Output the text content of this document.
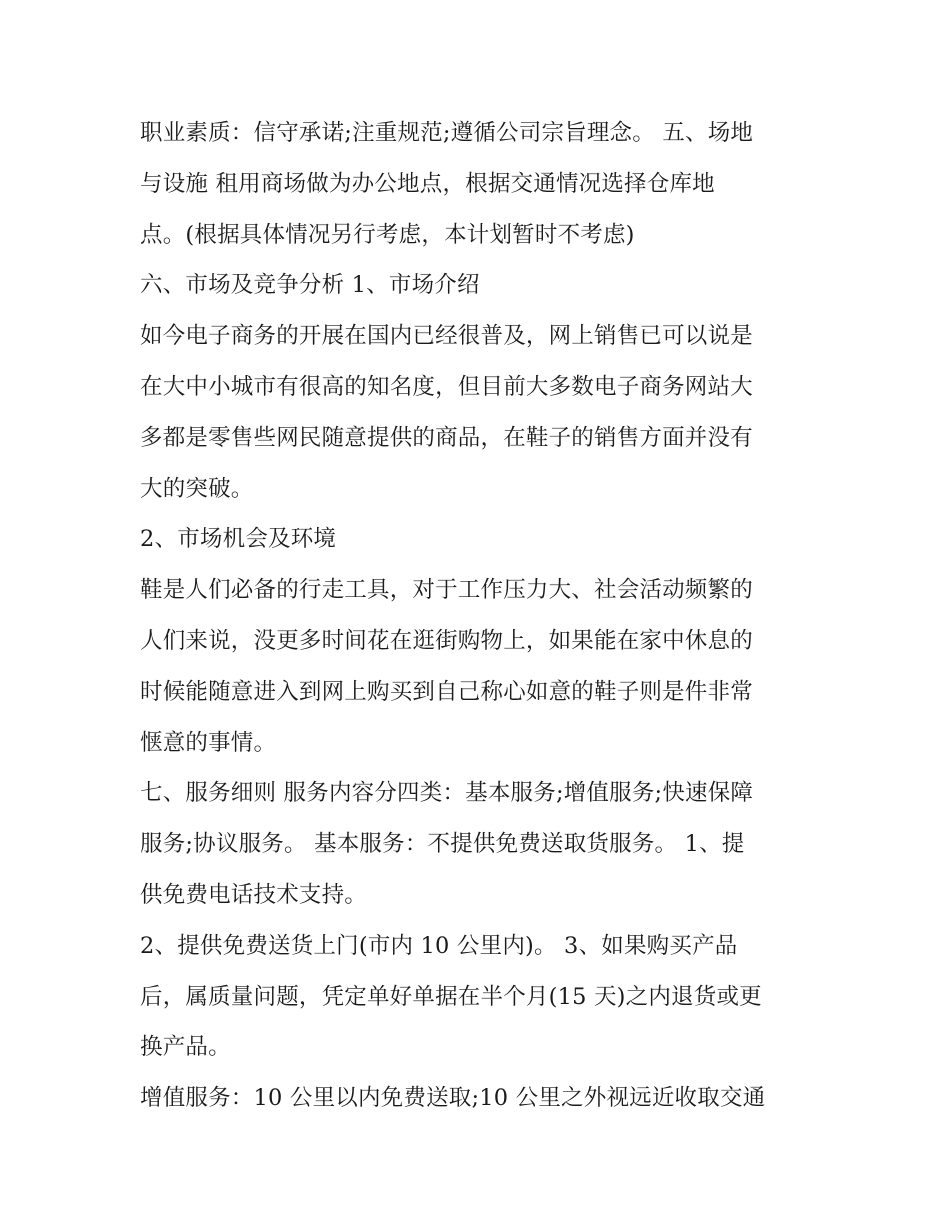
职业素质：信守承诺;注重规范;遵循公司宗旨理念。 五、场地
与设施 租用商场做为办公地点，根据交通情况选择仓库地
点。(根据具体情况另行考虑，本计划暂时不考虑)
六、市场及竞争分析 1、市场介绍
如今电子商务的开展在国内已经很普及，网上销售已可以说是
在大中小城市有很高的知名度，但目前大多数电子商务网站大
多都是零售些网民随意提供的商品，在鞋子的销售方面并没有
大的突破。
2、市场机会及环境
鞋是人们必备的行走工具，对于工作压力大、社会活动频繁的
人们来说，没更多时间花在逛街购物上，如果能在家中休息的
时候能随意进入到网上购买到自己称心如意的鞋子则是件非常
惬意的事情。
七、服务细则 服务内容分四类：基本服务;增值服务;快速保障
服务;协议服务。 基本服务：不提供免费送取货服务。 1、提
供免费电话技术支持。
2、提供免费送货上门(市内 10 公里内)。 3、如果购买产品
后，属质量问题，凭定单好单据在半个月(15 天)之内退货或更
换产品。
增值服务：10 公里以内免费送取;10 公里之外视远近收取交通
